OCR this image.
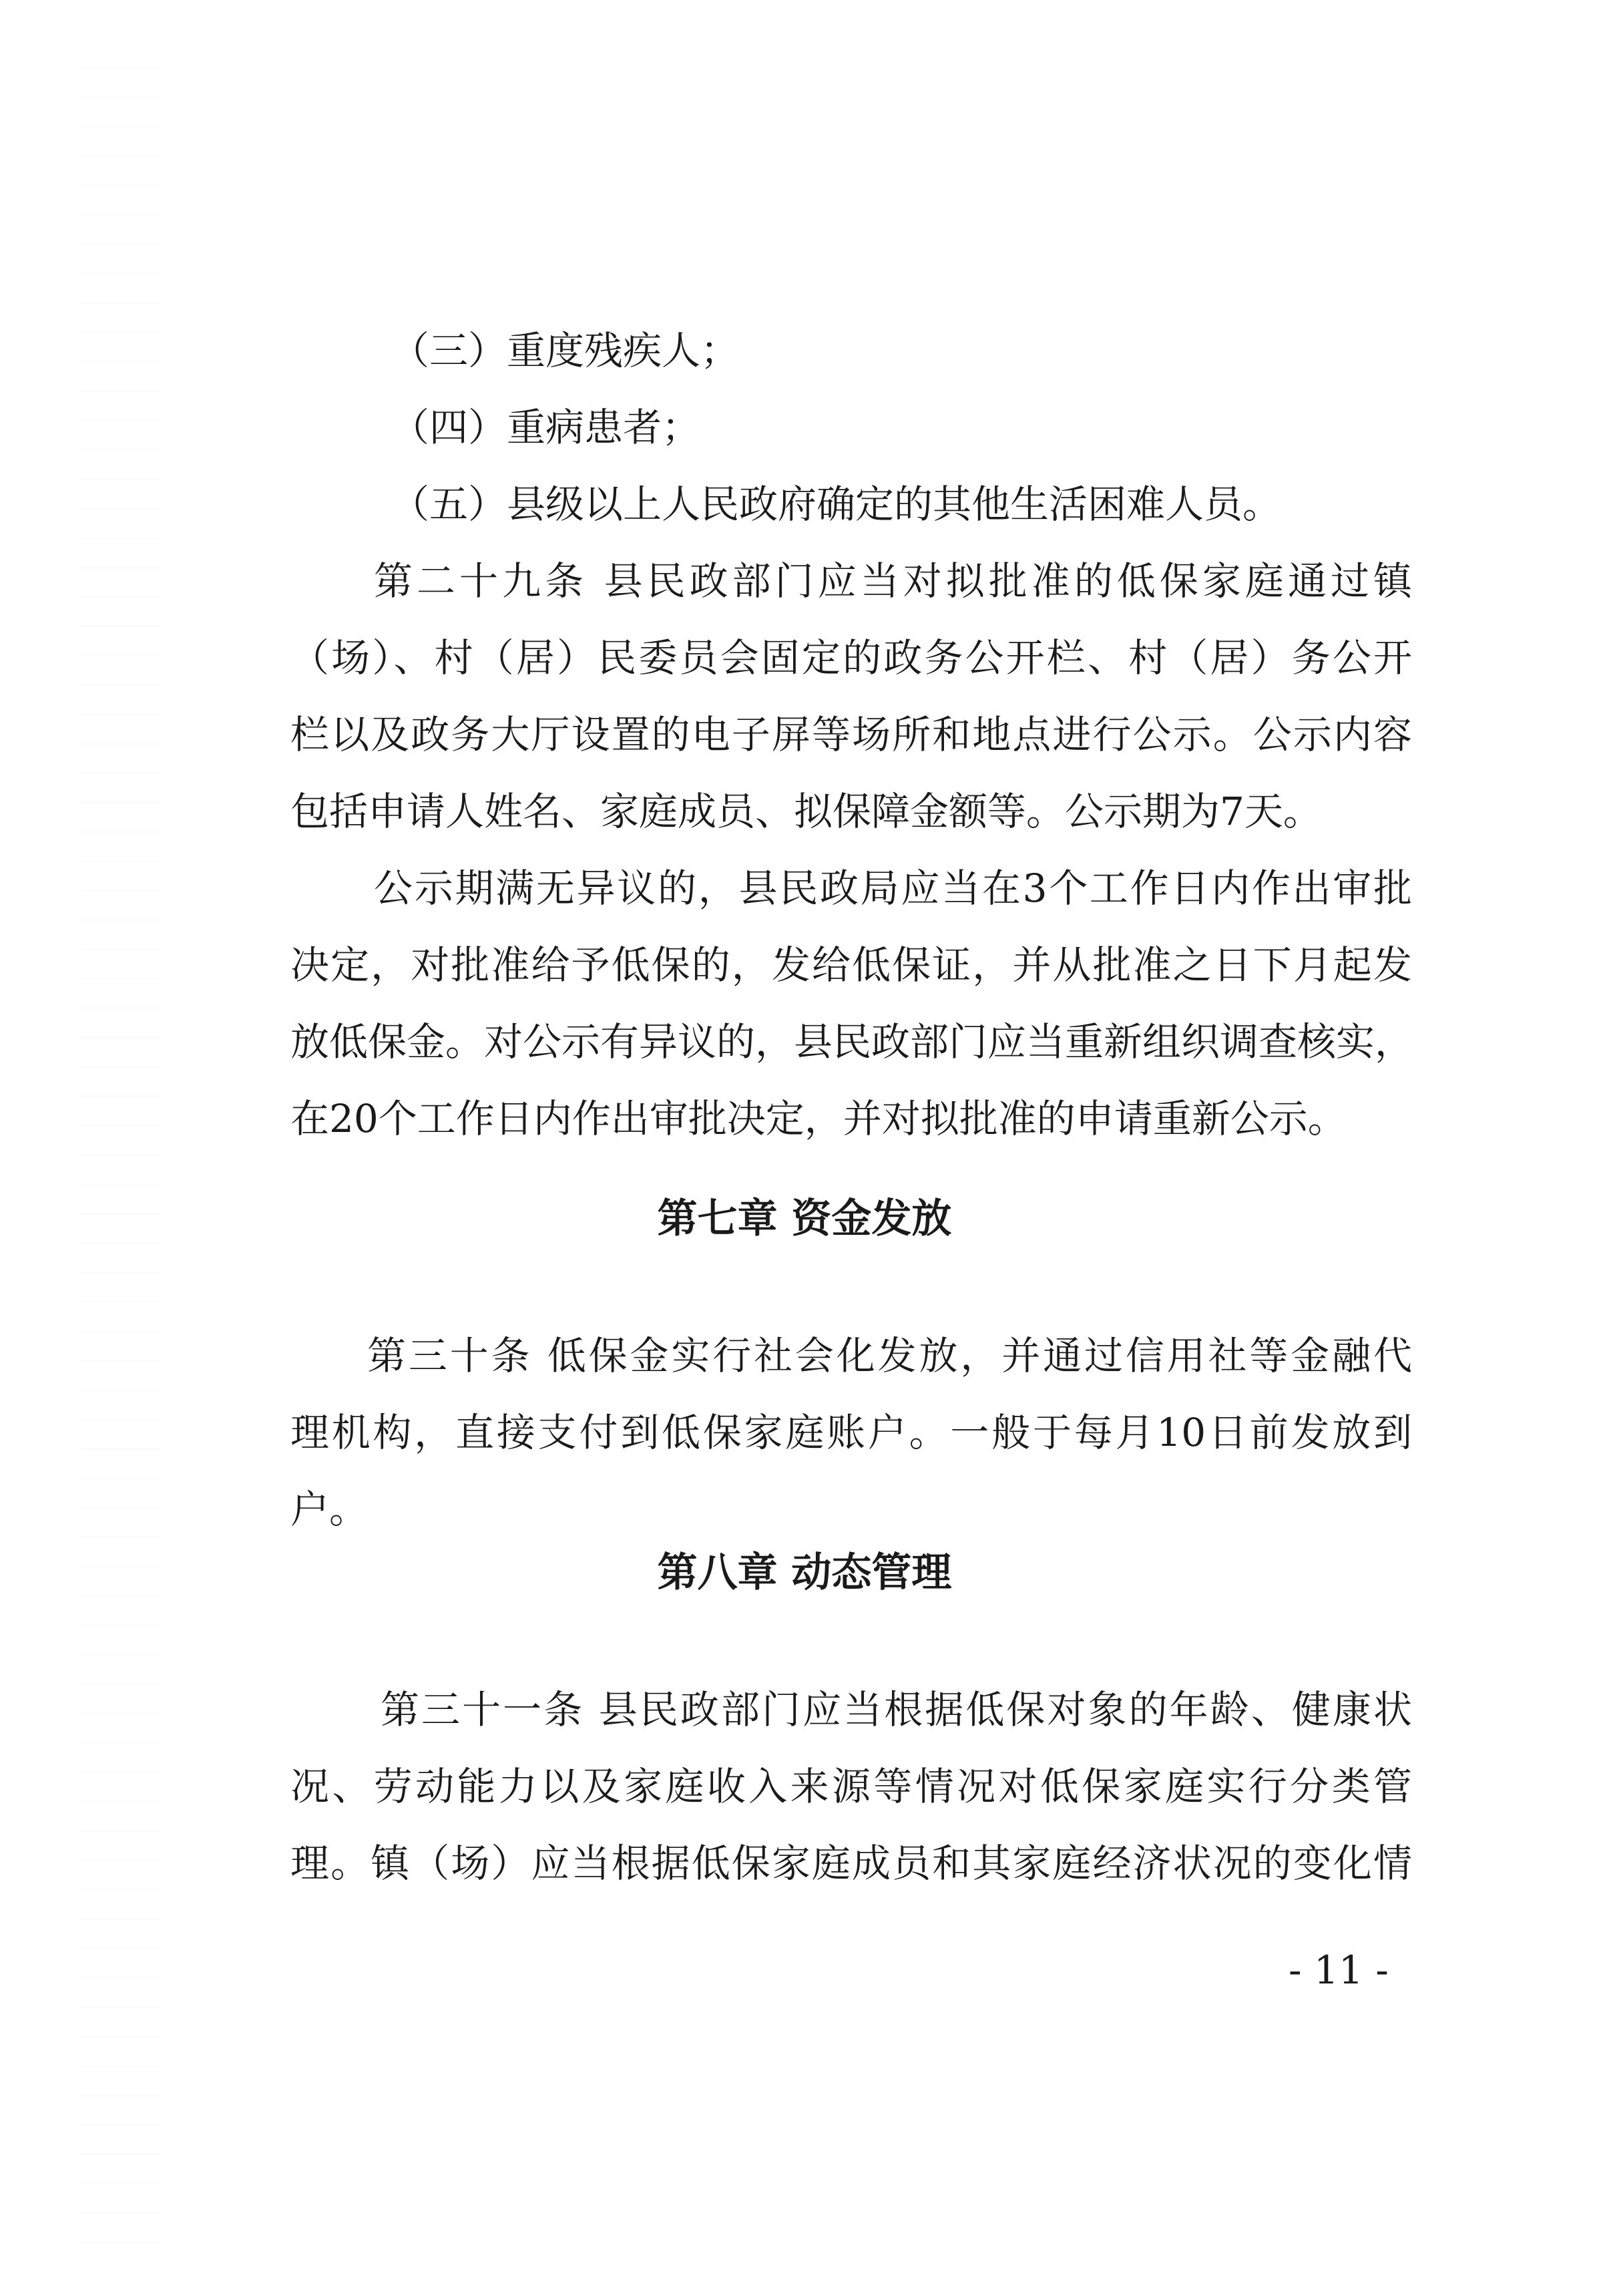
（三）重度残疾人；
（四）重病患者；
（五）县级以上人民政府确定的其他生活困难人员。
第二十九条 县民政部门应当对拟批准的低保家庭通过镇
（场）、村（居）民委员会固定的政务公开栏、村（居）务公开
栏以及政务大厅设置的电子屏等场所和地点进行公示。公示内容
包括申请人姓名、家庭成员、拟保障金额等。公示期为7天。
公示期满无异议的，县民政局应当在3个工作日内作出审批
决定，对批准给予低保的，发给低保证，并从批准之日下月起发
放低保金。对公示有异议的，县民政部门应当重新组织调查核实，
在20个工作日内作出审批决定，并对拟批准的申请重新公示。
第七章 资金发放
第三十条 低保金实行社会化发放，并通过信用社等金融代
理机构，直接支付到低保家庭账户。一般于每月10日前发放到
户。
第八章 动态管理
第三十一条 县民政部门应当根据低保对象的年龄、健康状
况、劳动能力以及家庭收入来源等情况对低保家庭实行分类管
理。镇（场）应当根据低保家庭成员和其家庭经济状况的变化情
- 11 -
